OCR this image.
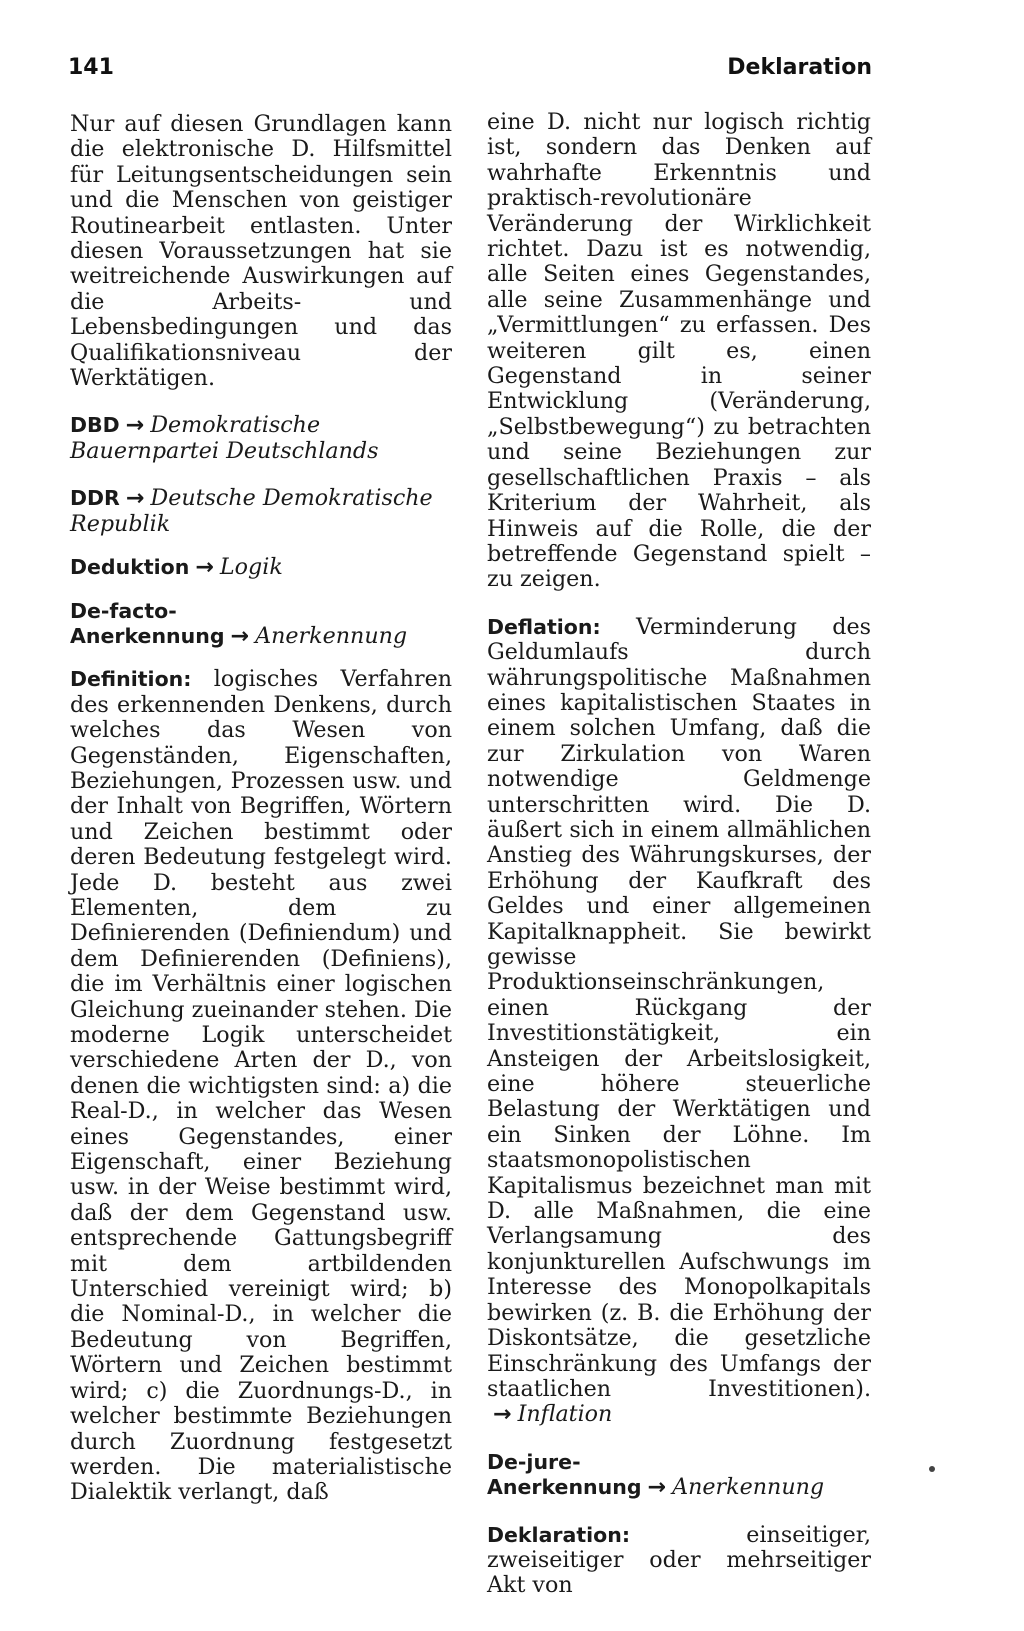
141	Deklaration

Nur auf diesen Grundlagen kann die elektronische D. Hilfsmittel für Leitungsentscheidungen sein und die Menschen von geistiger Routinearbeit entlasten. Unter diesen Voraussetzungen hat sie weitreichende Auswirkungen auf die Arbeits- und Lebensbedingungen und das Qualifikationsniveau der Werktätigen.

DBD → Demokratische Bauernpartei Deutschlands

DDR → Deutsche Demokratische Republik

Deduktion → Logik

De-facto-Anerkennung → Anerkennung

Definition: logisches Verfahren des erkennenden Denkens, durch welches das Wesen von Gegenständen, Eigenschaften, Beziehungen, Prozessen usw. und der Inhalt von Begriffen, Wörtern und Zeichen bestimmt oder deren Bedeutung festgelegt wird. Jede D. besteht aus zwei Elementen, dem zu Definierenden (Definiendum) und dem Definierenden (Definiens), die im Verhältnis einer logischen Gleichung zueinander stehen. Die moderne Logik unterscheidet verschiedene Arten der D., von denen die wichtigsten sind: a) die Real-D., in welcher das Wesen eines Gegenstandes, einer Eigenschaft, einer Beziehung usw. in der Weise bestimmt wird, daß der dem Gegenstand usw. entsprechende Gattungsbegriff mit dem artbildenden Unterschied vereinigt wird; b) die Nominal-D., in welcher die Bedeutung von Begriffen, Wörtern und Zeichen bestimmt wird; c) die Zuordnungs-D., in welcher bestimmte Beziehungen durch Zuordnung festgesetzt werden. Die materialistische Dialektik verlangt, daß

eine D. nicht nur logisch richtig ist, sondern das Denken auf wahrhafte Erkenntnis und praktisch-revolutionäre Veränderung der Wirklichkeit richtet. Dazu ist es notwendig, alle Seiten eines Gegenstandes, alle seine Zusammenhänge und „Vermittlungen“ zu erfassen. Des weiteren gilt es, einen Gegenstand in seiner Entwicklung (Veränderung, „Selbstbewegung“) zu betrachten und seine Beziehungen zur gesellschaftlichen Praxis – als Kriterium der Wahrheit, als Hinweis auf die Rolle, die der betreffende Gegenstand spielt – zu zeigen.

Deflation: Verminderung des Geldumlaufs durch währungspolitische Maßnahmen eines kapitalistischen Staates in einem solchen Umfang, daß die zur Zirkulation von Waren notwendige Geldmenge unterschritten wird. Die D. äußert sich in einem allmählichen Anstieg des Währungskurses, der Erhöhung der Kaufkraft des Geldes und einer allgemeinen Kapitalknappheit. Sie bewirkt gewisse Produktionseinschränkungen, einen Rückgang der Investitionstätigkeit, ein Ansteigen der Arbeitslosigkeit, eine höhere steuerliche Belastung der Werktätigen und ein Sinken der Löhne. Im staatsmonopolistischen Kapitalismus bezeichnet man mit D. alle Maßnahmen, die eine Verlangsamung des konjunkturellen Aufschwungs im Interesse des Monopolkapitals bewirken (z. B. die Erhöhung der Diskontsätze, die gesetzliche Einschränkung des Umfangs der staatlichen Investitionen). → Inflation

De-jure-Anerkennung → Anerkennung

Deklaration:	einseitiger, zweiseitiger oder mehrseitiger Akt von
